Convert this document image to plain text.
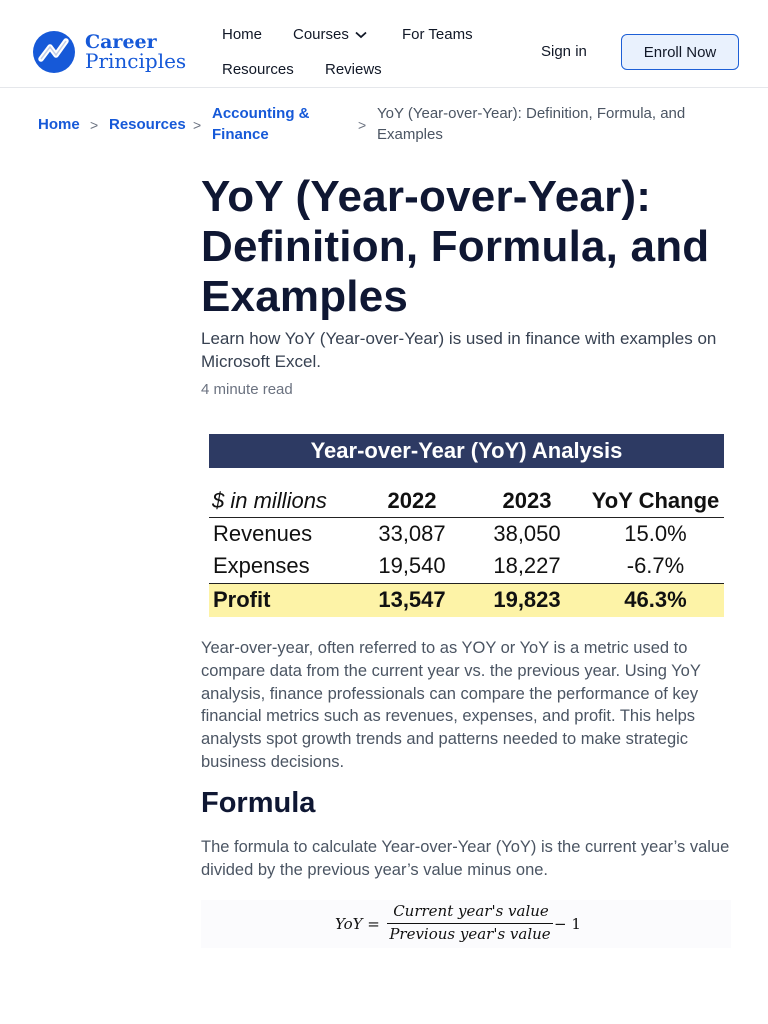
Career
Principles
Home Courses	For Teams
Resources Reviews
Sign in	Enroll Now
Home > Resources >
Accounting & Finance
>
YoY (Year-over-Year): Definition, Formula, and Examples
YoY (Year-over-Year): Definition, Formula, and Examples

Learn how YoY (Year-over-Year) is used in finance with examples on Microsoft Excel.

4 minute read

Year-over-Year (YoY) Analysis
$ in millions	2022	2023	YoY Change
Revenues	33,087	38,050	15.0%
Expenses	19,540	18,227	-6.7%
Profit	13,547	19,823	46.3%

Year-over-year, often referred to as YOY or YoY is a metric used to compare data from the current year vs. the previous year. Using YoY analysis, finance professionals can compare the performance of key financial metrics such as revenues, expenses, and profit. This helps analysts spot growth trends and patterns needed to make strategic business decisions.

Formula

The formula to calculate Year-over-Year (YoY) is the current year’s value divided by the previous year’s value minus one.

YoY =
Current year's value
Previous year's value
− 1
